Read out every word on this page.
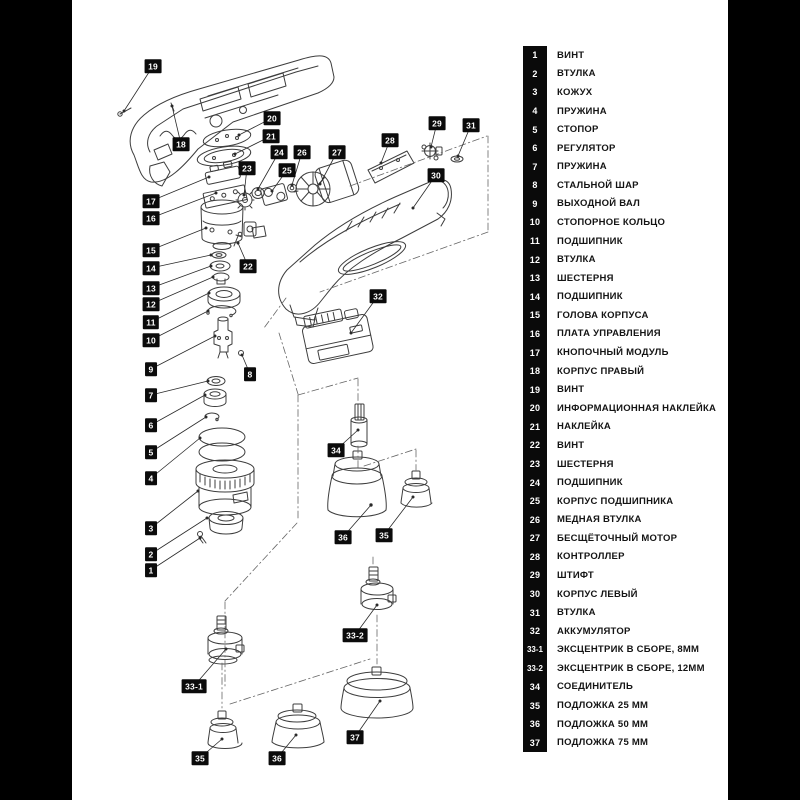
19
18
20
21
23
24
25
26	27
28
29	31
30
17
16
15
22
14
13
12
11
10
9	8
7
6
5
4
3
2
1
32
34
36	35
33-2
33-1
35	36
37
1	ВИНТ
2	ВТУЛКА
3	КОЖУХ
4	ПРУЖИНА
5	СТОПОР
6	РЕГУЛЯТОР
7	ПРУЖИНА
8	СТАЛЬНОЙ ШАР
9	ВЫХОДНОЙ ВАЛ
10	СТОПОРНОЕ КОЛЬЦО
11	ПОДШИПНИК
12	ВТУЛКА
13	ШЕСТЕРНЯ
14	ПОДШИПНИК
15	ГОЛОВА КОРПУСА
16	ПЛАТА УПРАВЛЕНИЯ
17	КНОПОЧНЫЙ МОДУЛЬ
18	КОРПУС ПРАВЫЙ
19	ВИНТ
20	ИНФОРМАЦИОННАЯ НАКЛЕЙКА
21	НАКЛЕЙКА
22	ВИНТ
23	ШЕСТЕРНЯ
24	ПОДШИПНИК
25	КОРПУС ПОДШИПНИКА
26	МЕДНАЯ ВТУЛКА
27	БЕСЩЁТОЧНЫЙ МОТОР
28	КОНТРОЛЛЕР
29	ШТИФТ
30	КОРПУС ЛЕВЫЙ
31	ВТУЛКА
32	АККУМУЛЯТОР
33-1	ЭКСЦЕНТРИК В СБОРЕ, 8ММ
33-2	ЭКСЦЕНТРИК В СБОРЕ, 12ММ
34	СОЕДИНИТЕЛЬ
35	ПОДЛОЖКА 25 ММ
36	ПОДЛОЖКА 50 ММ
37	ПОДЛОЖКА 75 ММ
